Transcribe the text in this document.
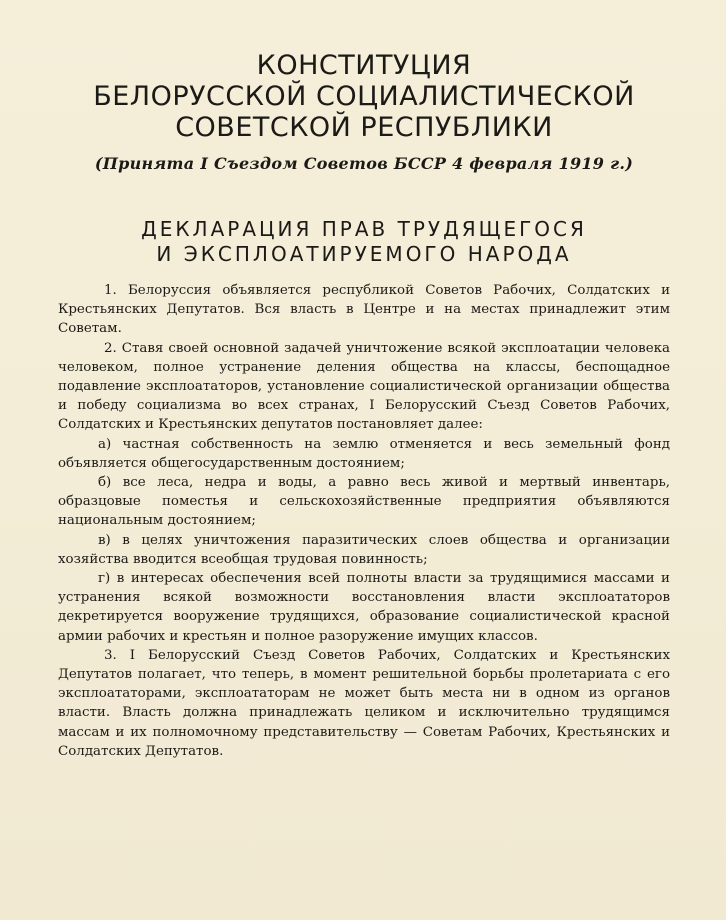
КОНСТИТУЦИЯ
БЕЛОРУССКОЙ СОЦИАЛИСТИЧЕСКОЙ
СОВЕТСКОЙ РЕСПУБЛИКИ
(Принята I Съездом Советов БССР 4 февраля 1919 г.)
ДЕКЛАРАЦИЯ ПРАВ ТРУДЯЩЕГОСЯ
И ЭКСПЛОАТИРУЕМОГО НАРОДА

1. Белоруссия объявляется республикой Советов Рабочих, Солдатских и Крестьянских Депутатов. Вся власть в Центре и на местах принадлежит этим Советам.

2. Ставя своей основной задачей уничтожение всякой эксплоатации человека человеком, полное устранение деления общества на классы, беспощадное подавление эксплоататоров, установление социалистической организации общества и победу социализма во всех странах, I Белорусский Съезд Советов Рабочих, Солдатских и Крестьянских депутатов постановляет далее:

а) частная собственность на землю отменяется и весь земельный фонд объявляется общегосударственным достоянием;

б) все леса, недра и воды, а равно весь живой и мертвый инвентарь, образцовые поместья и сельскохозяйственные предприятия объявляются национальным достоянием;

в) в целях уничтожения паразитических слоев общества и организации хозяйства вводится всеобщая трудовая повинность;

г) в интересах обеспечения всей полноты власти за трудящимися массами и устранения всякой возможности восстановления власти эксплоататоров декретируется вооружение трудящихся, образование социалистической красной армии рабочих и крестьян и полное разоружение имущих классов.

3. I Белорусский Съезд Советов Рабочих, Солдатских и Крестьянских Депутатов полагает, что теперь, в момент решительной борьбы пролетариата с его эксплоататорами, эксплоататорам не может быть места ни в одном из органов власти. Власть должна принадлежать целиком и исключительно трудящимся массам и их полномочному представительству — Советам Рабочих, Крестьянских и Солдатских Депутатов.
